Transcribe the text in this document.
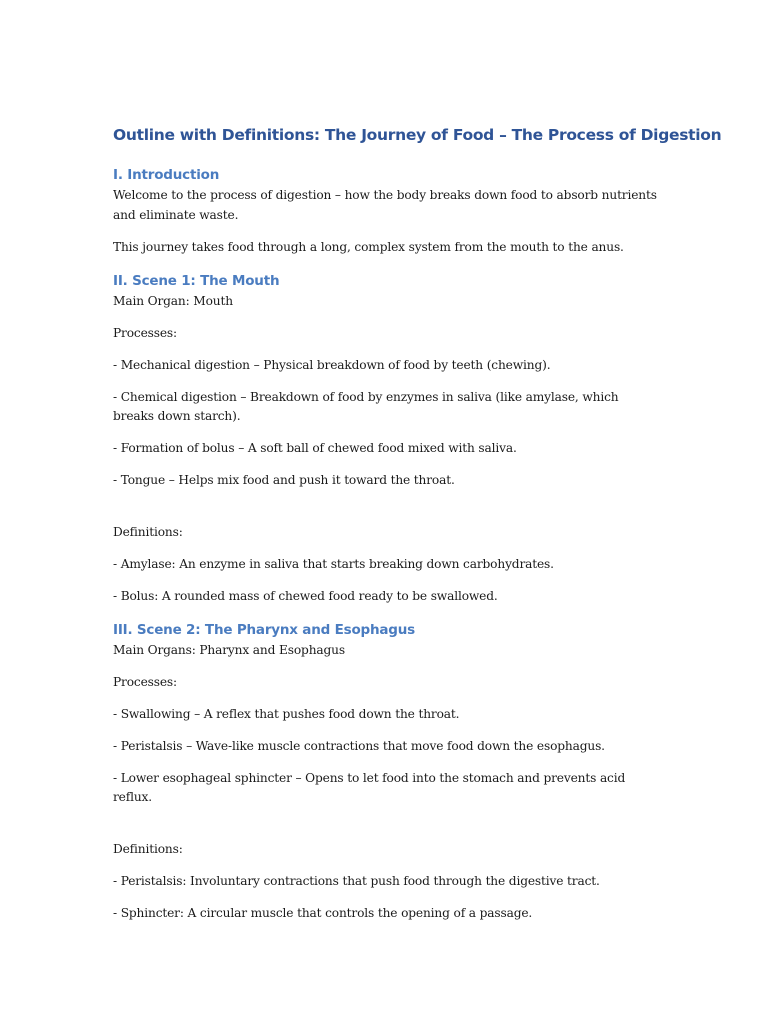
Outline with Definitions: The Journey of Food – The Process of Digestion
I. Introduction

Welcome to the process of digestion – how the body breaks down food to absorb nutrients and eliminate waste.

This journey takes food through a long, complex system from the mouth to the anus.

II. Scene 1: The Mouth

Main Organ: Mouth

Processes:

- Mechanical digestion – Physical breakdown of food by teeth (chewing).

- Chemical digestion – Breakdown of food by enzymes in saliva (like amylase, which breaks down starch).

- Formation of bolus – A soft ball of chewed food mixed with saliva.

- Tongue – Helps mix food and push it toward the throat.

Definitions:

- Amylase: An enzyme in saliva that starts breaking down carbohydrates.

- Bolus: A rounded mass of chewed food ready to be swallowed.

III. Scene 2: The Pharynx and Esophagus

Main Organs: Pharynx and Esophagus

Processes:

- Swallowing – A reflex that pushes food down the throat.

- Peristalsis – Wave-like muscle contractions that move food down the esophagus.

- Lower esophageal sphincter – Opens to let food into the stomach and prevents acid reflux.

Definitions:

- Peristalsis: Involuntary contractions that push food through the digestive tract.

- Sphincter: A circular muscle that controls the opening of a passage.
